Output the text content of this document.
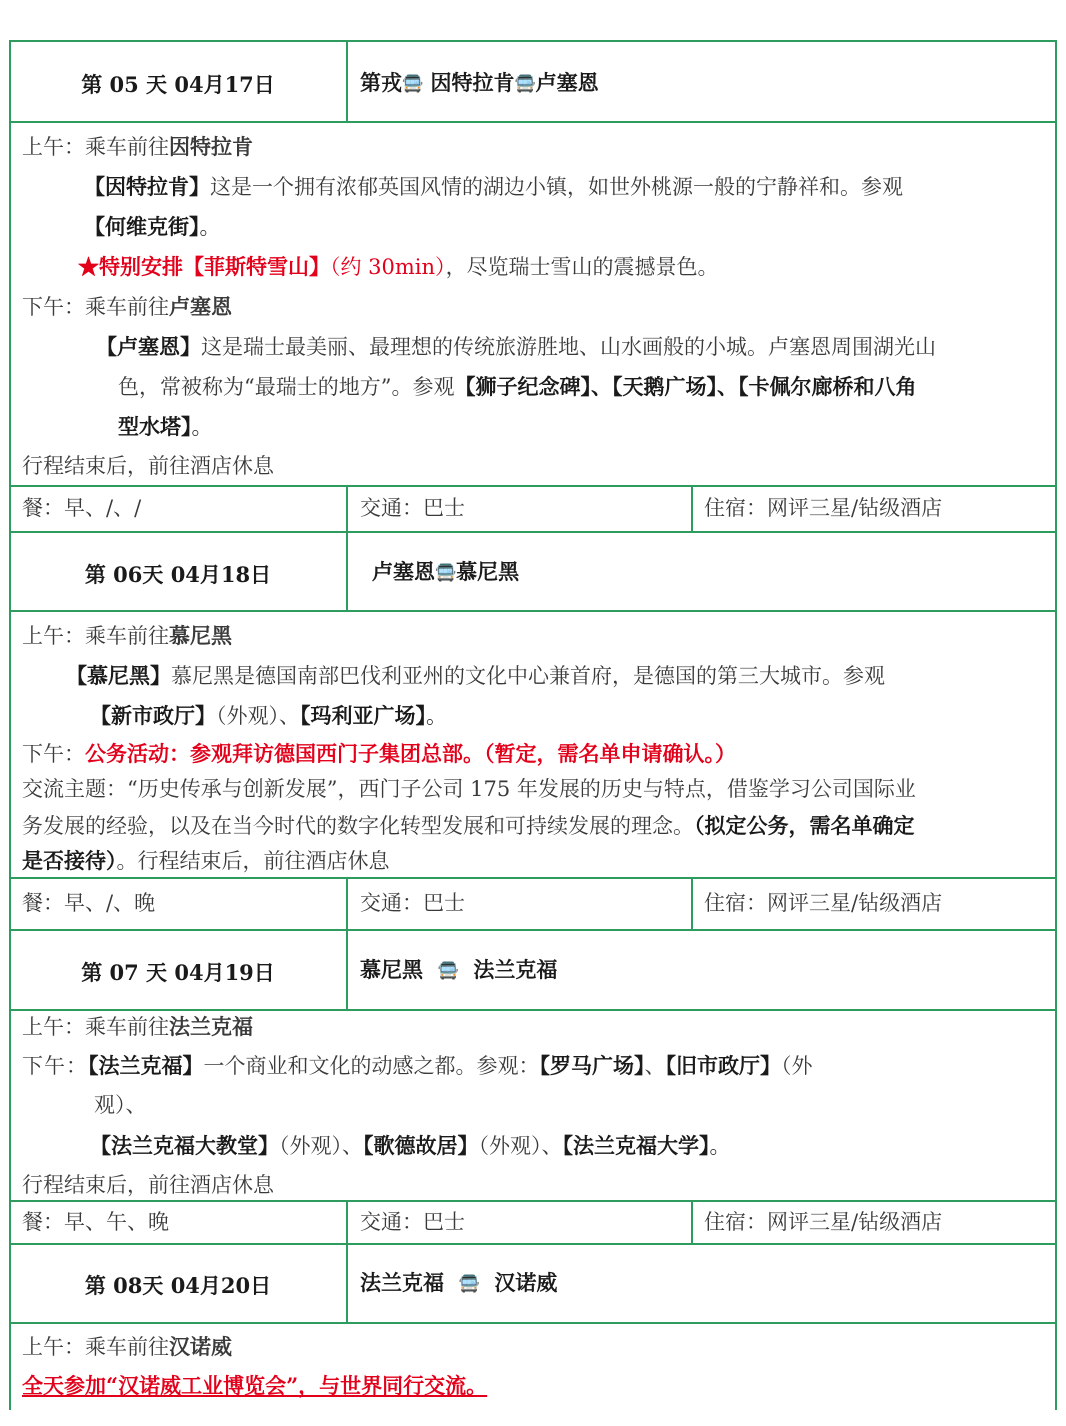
第 05 天 04月17日	第戎🚍 因特拉肯🚍卢塞恩
上午：乘车前往因特拉肯
【因特拉肯】这是一个拥有浓郁英国风情的湖边小镇，如世外桃源一般的宁静祥和。参观
【何维克街】。
★特别安排【菲斯特雪山】（约 30min），尽览瑞士雪山的震撼景色。
下午：乘车前往卢塞恩
【卢塞恩】这是瑞士最美丽、最理想的传统旅游胜地、山水画般的小城。卢塞恩周围湖光山
色，常被称为“最瑞士的地方”。参观【狮子纪念碑】、【天鹅广场】、【卡佩尔廊桥和八角
型水塔】。
行程结束后，前往酒店休息
餐：早、/、/	交通：巴士	住宿：网评三星/钻级酒店
第 06天 04月18日	卢塞恩🚍慕尼黑
上午：乘车前往慕尼黑
【慕尼黑】慕尼黑是德国南部巴伐利亚州的文化中心兼首府，是德国的第三大城市。参观
【新市政厅】（外观）、【玛利亚广场】。
下午：公务活动：参观拜访德国西门子集团总部。（暂定，需名单申请确认。）
交流主题：“历史传承与创新发展”，西门子公司 175 年发展的历史与特点，借鉴学习公司国际业
务发展的经验，以及在当今时代的数字化转型发展和可持续发展的理念。（拟定公务，需名单确定
是否接待）。行程结束后，前往酒店休息
餐：早、/、晚	交通：巴士	住宿：网评三星/钻级酒店
第 07 天 04月19日	慕尼黑 🚍 法兰克福
上午：乘车前往法兰克福
下午：【法兰克福】一个商业和文化的动感之都。参观：【罗马广场】、【旧市政厅】（外
观）、
【法兰克福大教堂】（外观）、【歌德故居】（外观）、【法兰克福大学】。
行程结束后，前往酒店休息
餐：早、午、晚	交通：巴士	住宿：网评三星/钻级酒店
第 08天 04月20日	法兰克福 🚍 汉诺威
上午：乘车前往汉诺威
全天参加“汉诺威工业博览会”，与世界同行交流。
